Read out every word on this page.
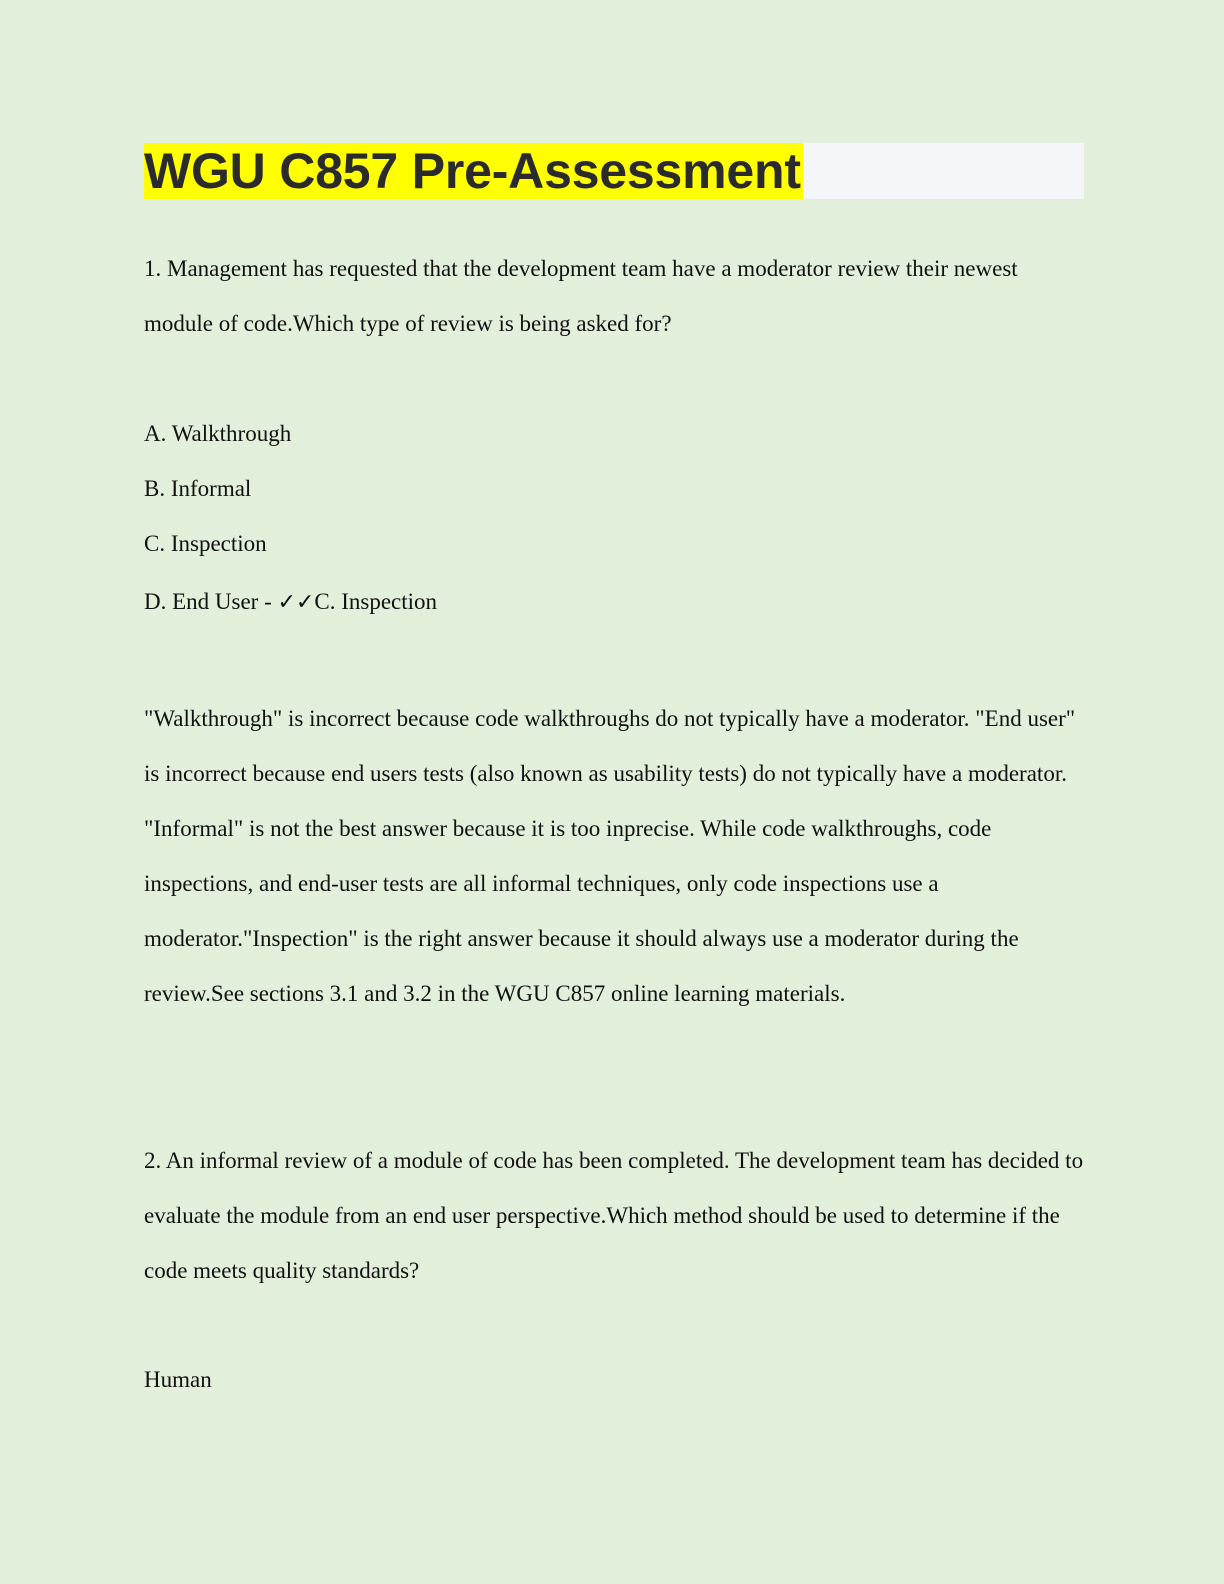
WGU C857 Pre-Assessment
1. Management has requested that the development team have a moderator review their newest module of code.Which type of review is being asked for?
A. Walkthrough
B. Informal
C. Inspection
D. End User - ✓✓C. Inspection
"Walkthrough" is incorrect because code walkthroughs do not typically have a moderator. "End user" is incorrect because end users tests (also known as usability tests) do not typically have a moderator. "Informal" is not the best answer because it is too inprecise. While code walkthroughs, code inspections, and end-user tests are all informal techniques, only code inspections use a moderator."Inspection" is the right answer because it should always use a moderator during the review.See sections 3.1 and 3.2 in the WGU C857 online learning materials.
2. An informal review of a module of code has been completed. The development team has decided to evaluate the module from an end user perspective.Which method should be used to determine if the code meets quality standards?
Human
